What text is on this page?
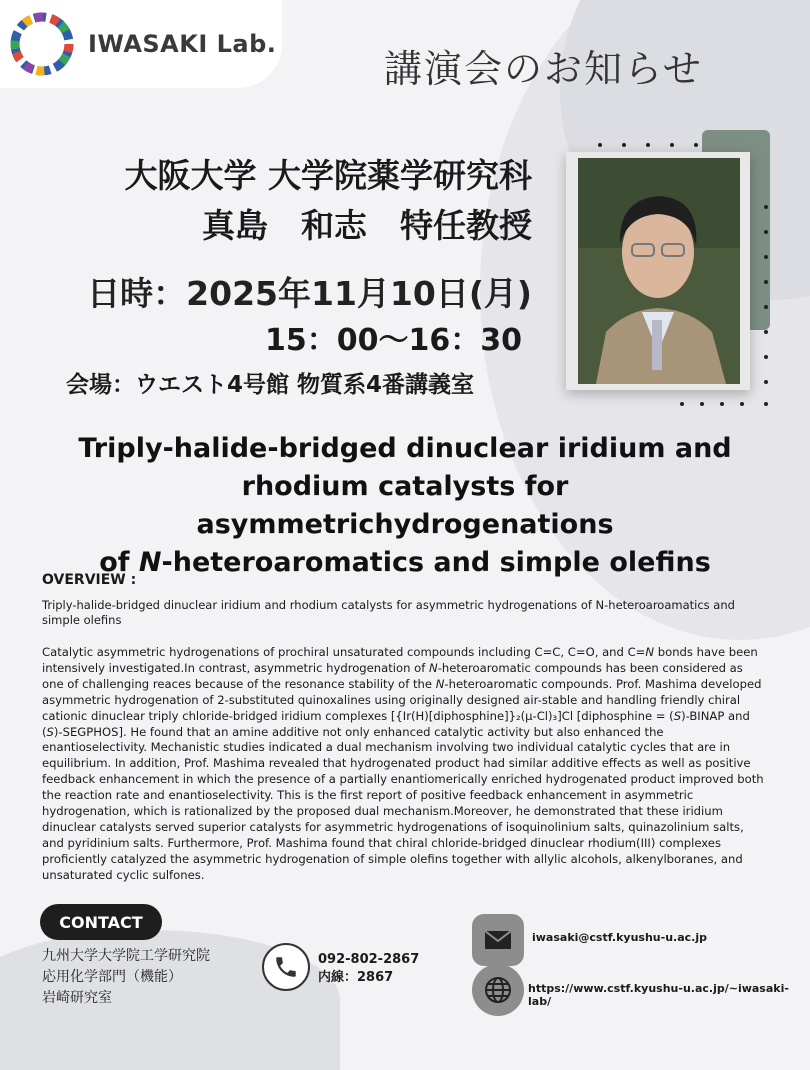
IWASAKI Lab.
講演会のお知らせ
大阪大学 大学院薬学研究科
真島　和志　特任教授
日時：2025年11月10日(月)
15：00～16：30
会場：ウエスト4号館 物質系4番講義室
Triply-halide-bridged dinuclear iridium and
rhodium catalysts for asymmetrichydrogenations
of N-heteroaromatics and simple olefins
OVERVIEW :
Triply-halide-bridged dinuclear iridium and rhodium catalysts for asymmetric hydrogenations of N-heteroaroamatics and simple olefins
Catalytic asymmetric hydrogenations of prochiral unsaturated compounds including C=C, C=O, and C=N bonds have been intensively investigated.In contrast, asymmetric hydrogenation of N-heteroaromatic compounds has been considered as one of challenging reaces because of the resonance stability of the N-heteroaromatic compounds. Prof. Mashima developed asymmetric hydrogenation of 2-substituted quinoxalines using originally designed air-stable and handling friendly chiral cationic dinuclear triply chloride-bridged iridium complexes [{Ir(H)[diphosphine]}₂(μ-Cl)₃]Cl [diphosphine = (S)-BINAP and (S)-SEGPHOS]. He found that an amine additive not only enhanced catalytic activity but also enhanced the enantioselectivity. Mechanistic studies indicated a dual mechanism involving two individual catalytic cycles that are in equilibrium. In addition, Prof. Mashima revealed that hydrogenated product had similar additive effects as well as positive feedback enhancement in which the presence of a partially enantiomerically enriched hydrogenated product improved both the reaction rate and enantioselectivity. This is the first report of positive feedback enhancement in asymmetric hydrogenation, which is rationalized by the proposed dual mechanism.Moreover, he demonstrated that these iridium dinuclear catalysts served superior catalysts for asymmetric hydrogenations of isoquinolinium salts, quinazolinium salts, and pyridinium salts. Furthermore, Prof. Mashima found that chiral chloride-bridged dinuclear rhodium(III) complexes proficiently catalyzed the asymmetric hydrogenation of simple olefins together with allylic alcohols, alkenylboranes, and unsaturated cyclic sulfones.
CONTACT
九州大学大学院工学研究院
応用化学部門（機能）
岩崎研究室
092-802-2867
内線：2867
iwasaki@cstf.kyushu-u.ac.jp
https://www.cstf.kyushu-u.ac.jp/~iwasaki-lab/
